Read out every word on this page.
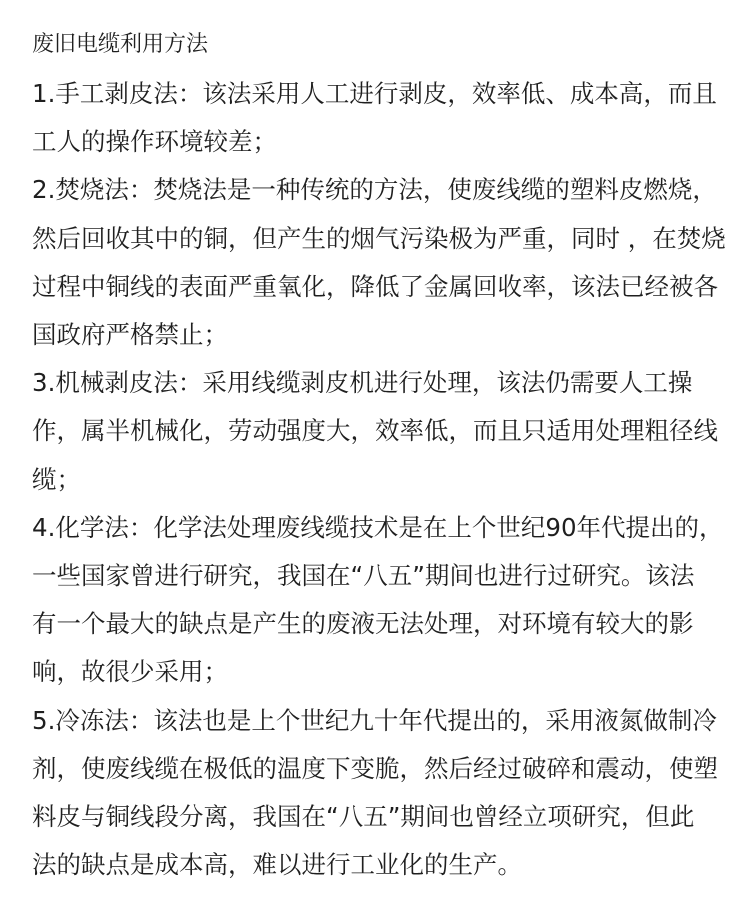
废旧电缆利用方法

1.手工剥皮法：该法采用人工进行剥皮，效率低、成本高，而且

工人的操作环境较差；

2.焚烧法：焚烧法是一种传统的方法，使废线缆的塑料皮燃烧，

然后回收其中的铜，但产生的烟气污染极为严重，同时 ，在焚烧

过程中铜线的表面严重氧化，降低了金属回收率，该法已经被各

国政府严格禁止；

3.机械剥皮法：采用线缆剥皮机进行处理，该法仍需要人工操

作，属半机械化，劳动强度大，效率低，而且只适用处理粗径线

缆；

4.化学法：化学法处理废线缆技术是在上个世纪90年代提出的，

一些国家曾进行研究，我国在“八五”期间也进行过研究。该法

有一个最大的缺点是产生的废液无法处理，对环境有较大的影

响，故很少采用；

5.冷冻法：该法也是上个世纪九十年代提出的，采用液氮做制冷

剂，使废线缆在极低的温度下变脆，然后经过破碎和震动，使塑

料皮与铜线段分离，我国在“八五”期间也曾经立项研究，但此

法的缺点是成本高，难以进行工业化的生产。
